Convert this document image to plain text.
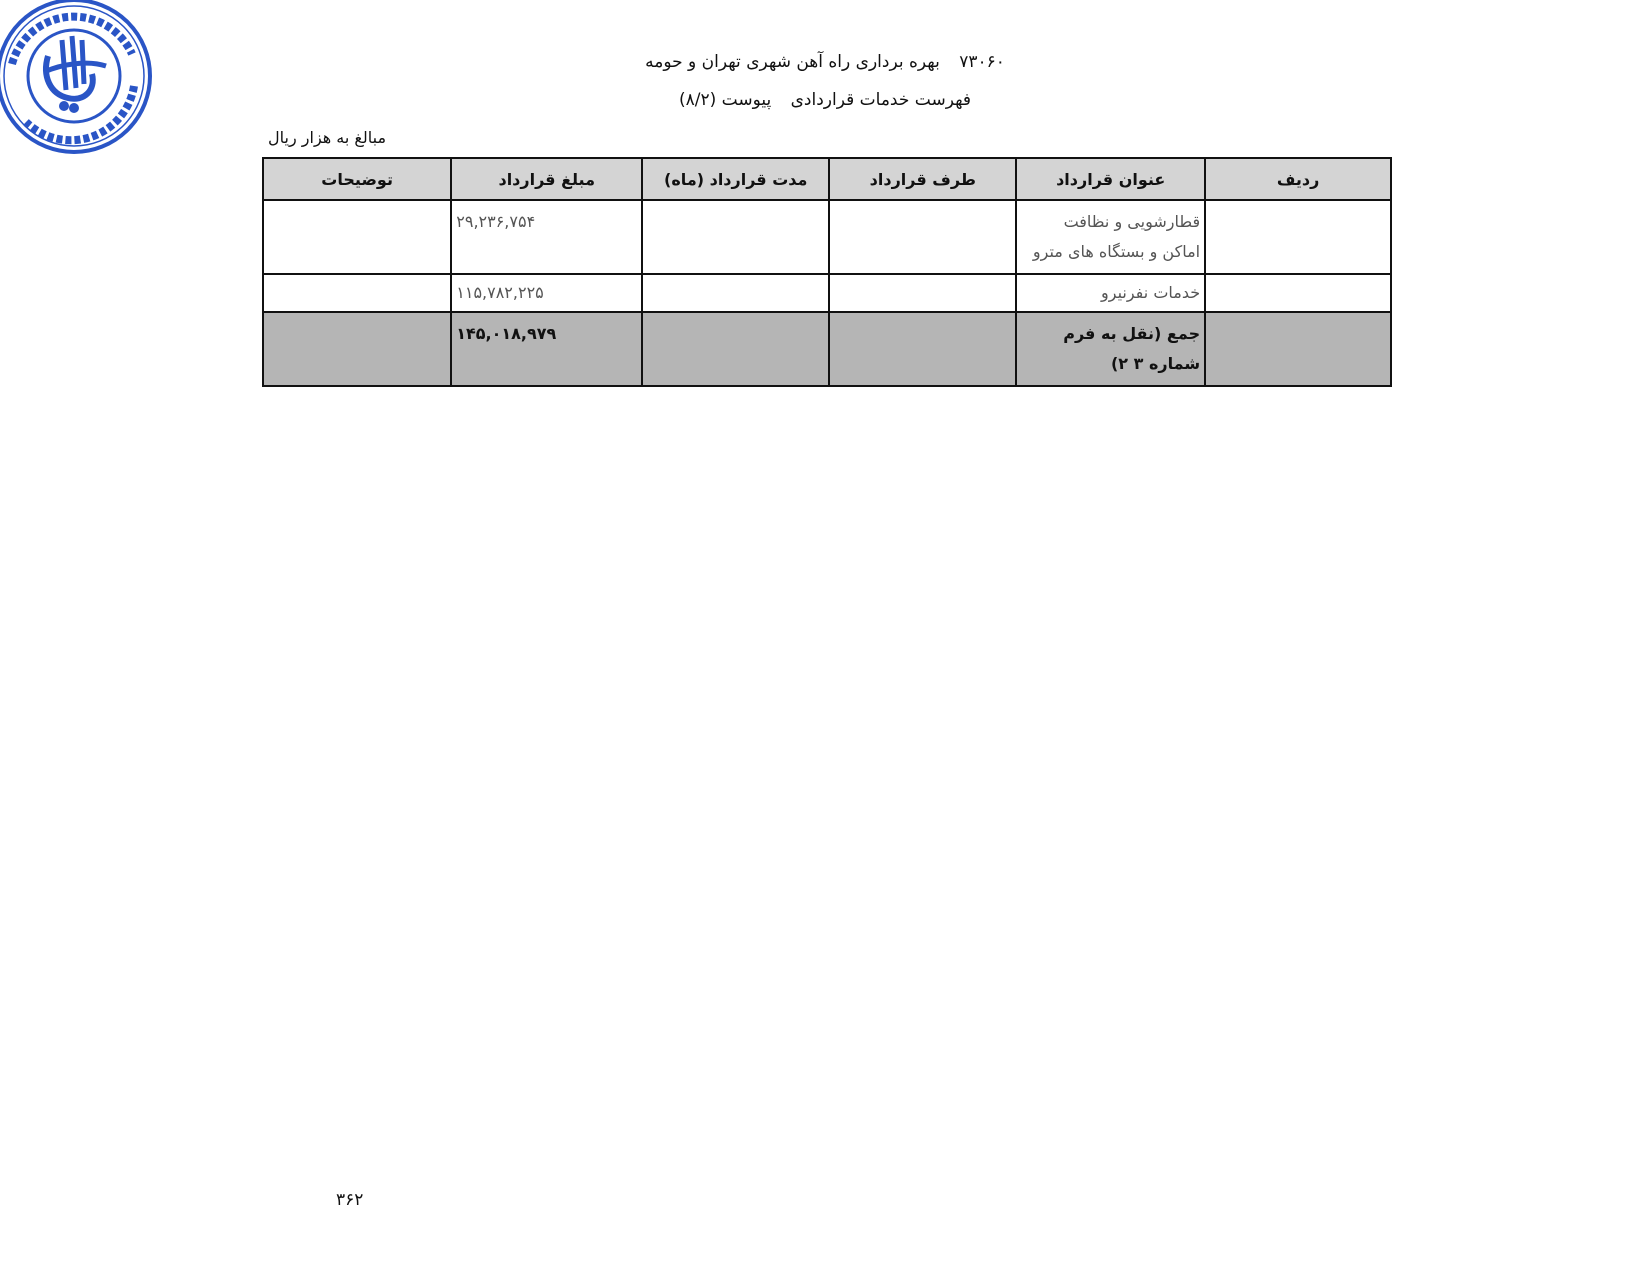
۷۳۰۶۰ بهره برداری راه آهن شهری تهران و حومه
فهرست خدمات قراردادی پیوست (۸/۲)
مبالغ به هزار ریال
ردیف	عنوان قرارداد	طرف قرارداد	مدت قرارداد (ماه)	مبلغ قرارداد	توضیحات
	قطارشویی و نظافت اماکن و بستگاه های مترو			۲۹,۲۳۶,۷۵۴	
	خدمات نفرنیرو			۱۱۵,۷۸۲,۲۲۵	
	جمع (نقل به فرم شماره ۳ ۲)			۱۴۵,۰۱۸,۹۷۹	
۳۶۲
